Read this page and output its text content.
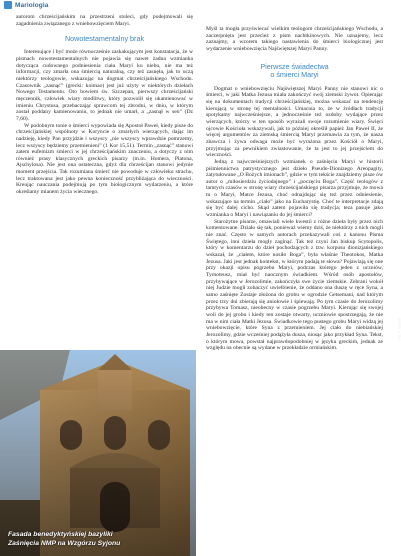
Mariologia

autorom chrześcijańskim na przestrzeni stuleci, gdy podejmowali się zagadnienia związanego z wniebowzięciem Maryi.

Nowotestamentalny brak

Interesujące i być może równocześnie zaskakującym jest konstatacja, że w pismach nowotestamentalnych nie pojawia się nawet żadna wzmianka dotycząca cudownego podniesienia ciała Maryi ku niebu, nie ma też informacji, czy zmarła ona śmiercią naturalną, czy też zasnęła, jak to uczą niektórzy teologowie, wskazując na dogmat chrześcijańskiego Wschodu. Czasownik „zasnąć” (grecki: koimao) jest już użyty w niektórych dziełach Nowego Testamentu. Oto bowiem św. Szczepan, pierwszy chrześcijański męczennik, człowiek wiary modlitwy, który pozwolił się ukamienować w imieniu Chrystusa, przebaczając sprawcom tej zbrodni, w dniu, w którym został poddany kamienowaniu, to jednak nie umarł, a „zasnął w sen” (Dz 7,60).

W podobnym tonie o śmierci wypowiada się Apostoł Paweł, kiedy pisze do chrześcijańskiej wspólnoty w Koryncie o zmarłych wierzących, dając im nadzieję, kiedy Pan przyjdzie i wszyscy „nie wszyscy wprawdzie pomrzemy, lecz wszyscy będziemy przemienieni” (1 Kor 15,51). Termin „zasnąć” stanowi zatem eufemizm śmierci w jej chrześcijańskim znaczeniu, a dotyczy z nim również prasy klasycznych greckich pisarzy (m.in. Homera, Platona, Ajschylosa). Nie jest ona ostateczna, gdyż dla chrześcijan stanowi jedynie moment przejścia. Tak rozumiana śmierć nie powoduje w człowieku strachu, lecz traktowana jest jako pewna konieczność przybliżająca do wieczności. Kreując nauczania podejmują po tym biologicznym wydarzeniu, a które określamy mianem życia wiecznego.

Myśl ta mogła przyświecać wielkim teologom chrześcijańskiego Wschodu, a zaczerpnięta jest przecież z pism nachtkinowych. Nie uznajemy, lecz zaznajmy, a wzorem takiego nastawienia do śmierci biologicznej jest wydarzenie wniebowzięcia Najświętszej Maryi Panny.

Pierwsze świadectwa
o śmierci Maryi

Dogmat o wniebowzięciu Najświętszej Maryi Panny nie stanowi nic o śmierci, w jaki Matka Jezusa miała zakończyć swój ziemski żywot. Opierając się na dokumentach tradycji chrześcijańskiej, można wskazać na tendencję kierującą w stronę tej mentalności. Umacnia to, że w źródłach tradycji spotykamy najwcześniejsze, a jednocześnie też ozdoby wydające przez wierzących, którzy w ten sposób wyrażali swoje rozumienie wiary. Święci ojcowie Kościoła wskazywali, jak to później określił papież Jan Paweł II, że więcej argumentów za ziemską śmiercią Maryi przemawia za tym, że nasza zbawcza i żywa odwaga może być wyrażona przez Kościół o Maryi, przyjmując za pewnikiem zwiastowanie, że ta jest to jej przejściem do wieczności.

Jedną z najwcześniejszych wzmianek o zaśnięciu Maryi w historii piśmiennictwa patrystycznego jest dzieło Pseudo-Dionizego Areopagity, zatytułowane „O Bożych imionach”, gdzie w tym tekście znajdziemy pisze ów autor o „miłosierdziu życiodajnego” i „poczęciu Boga”. Część teologów z tamtych czasów w stronę wiary chrześcijańskiego pisarza przyjmuje, że mowa tu o Maryi, Matce Jezusa, choć odnajdując się też przez odniesienie, wskazujące na termin „ciało” jako na Eucharystię. Choć te interpretacje zdają się być dalej cicho. Skąd zatem pojawiła się tradycja; teza pasuje jako wzmianka o Maryi i nawiązaniu do jej śmierci?

Starożytne pisarze, omawiali wiele kwestii z różne dzieła były przez nich komentowane. Działo się tak, ponieważ wiemy dziś, że niektórzy z nich mogli nie znać. Często w samych autorach przekazywali coś z kanonu Pisma Świętego, inni dzieła mogły zaginąć. Tak też czyni Jan biskup Scytopolis, który w komentarzu do dzieł pochodzących z tzw. korpusu dionizjańskiego wskazał, że „ciałem, które nosiło Boga”, była właśnie Theotokos, Matka Jezusa. Jaki jest jednak kontekst, w którym padają te słowa? Pojawiają się one przy okazji opisu pogrzebu Maryi, podczas którego jeden z uczniów, Tymoteusz, miał być naocznym świadkiem. Wśród osób apostołów, przybywające w Jerozolimie, zakończyła swe życie ziemskie. Zebrani wokół niej Judzie mogli zobaczyć uwielbienie, że oddano ona duszę w ręce Syna, a samo zaśnięte Zostaje złożona do grobu w ogrodzie Getsemani, nad którym przez trzy dni zbierają się aniołowie i śpiewają. Po tym czasie do Jerozolimy przybywa Tomasz, nieobecny w czasie pogrzebu Maryi. Kierując się swojej woli do jej grobu i kiedy ten zostaje otwarty, uczniowie spostrzegają, że nie ma w nim ciała Matki Jezusa. Świadkowie tego pustego grobu Maryi widzą jej wniebowzięcie, które Syna z przemieniem. Jej ciało do niebiańskiej Jerozolimy, gdzie wcześniej podążyła dusza, niosąc jako przykład Syna. Tekst, o którym mowa, powstał najprawdopodobniej w języku greckim, jednak ze względu na obecnie są wydane w przekładzie ormiańskim.

Fasada benedyktyńskiej bazyliki
Zaśnięcia NMP na Wzgórzu Syjonu
Fot. A. Bialek
